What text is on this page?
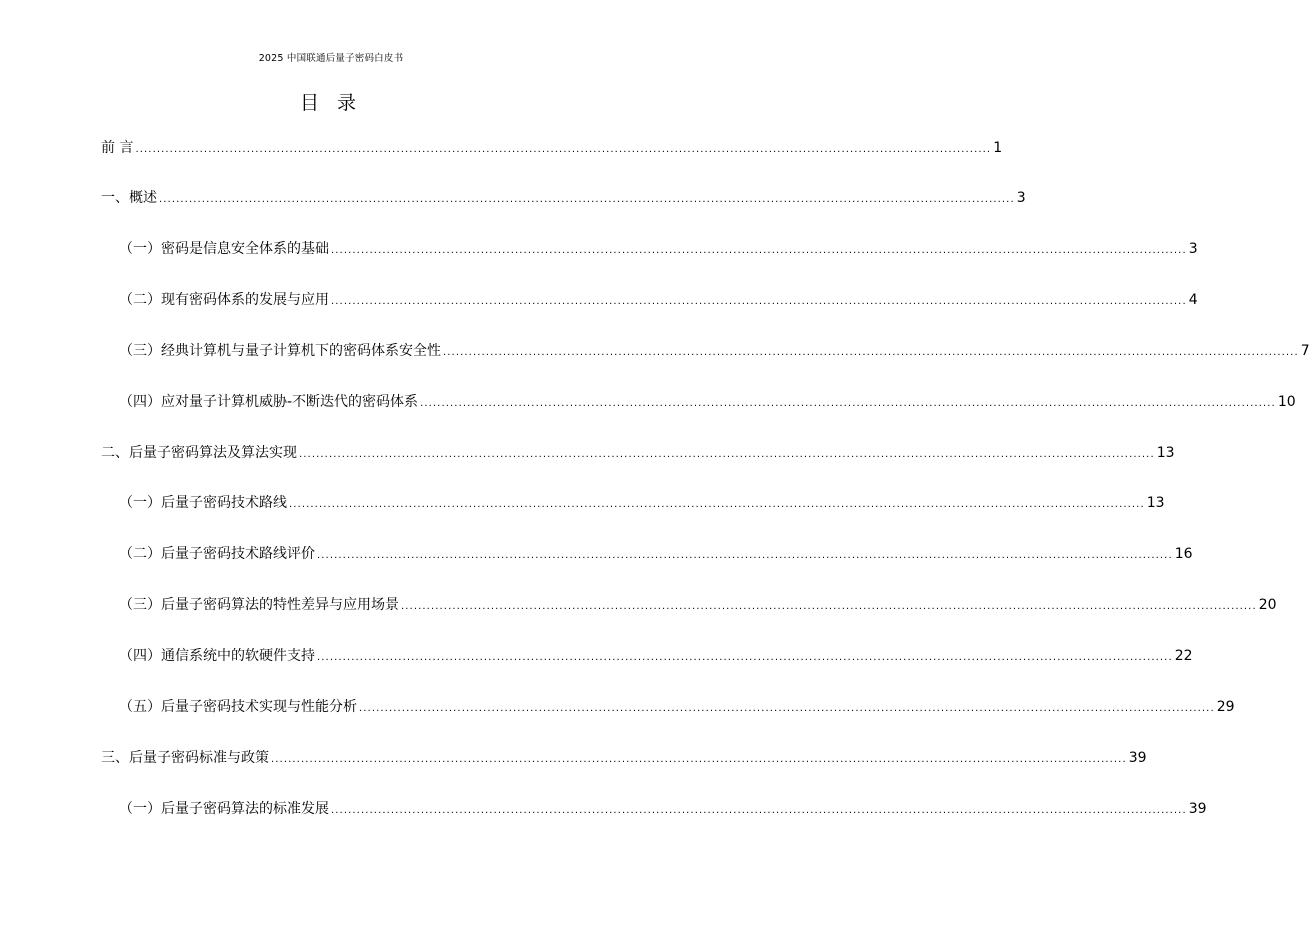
2025 中国联通后量子密码白皮书
目 录
前 言 ........................................................................................................................................................................................................ 1
一、概述 ........................................................................................................................................................................................................ 3
（一）密码是信息安全体系的基础 ........................................................................................................................................................................................................ 3
（二）现有密码体系的发展与应用 ........................................................................................................................................................................................................ 4
（三）经典计算机与量子计算机下的密码体系安全性 ........................................................................................................................................................................................................ 7
（四）应对量子计算机威胁-不断迭代的密码体系 ........................................................................................................................................................................................................ 10
二、后量子密码算法及算法实现 ........................................................................................................................................................................................................ 13
（一）后量子密码技术路线 ........................................................................................................................................................................................................ 13
（二）后量子密码技术路线评价 ........................................................................................................................................................................................................ 16
（三）后量子密码算法的特性差异与应用场景 ........................................................................................................................................................................................................ 20
（四）通信系统中的软硬件支持 ........................................................................................................................................................................................................ 22
（五）后量子密码技术实现与性能分析 ........................................................................................................................................................................................................ 29
三、后量子密码标准与政策 ........................................................................................................................................................................................................ 39
（一）后量子密码算法的标准发展 ........................................................................................................................................................................................................ 39
